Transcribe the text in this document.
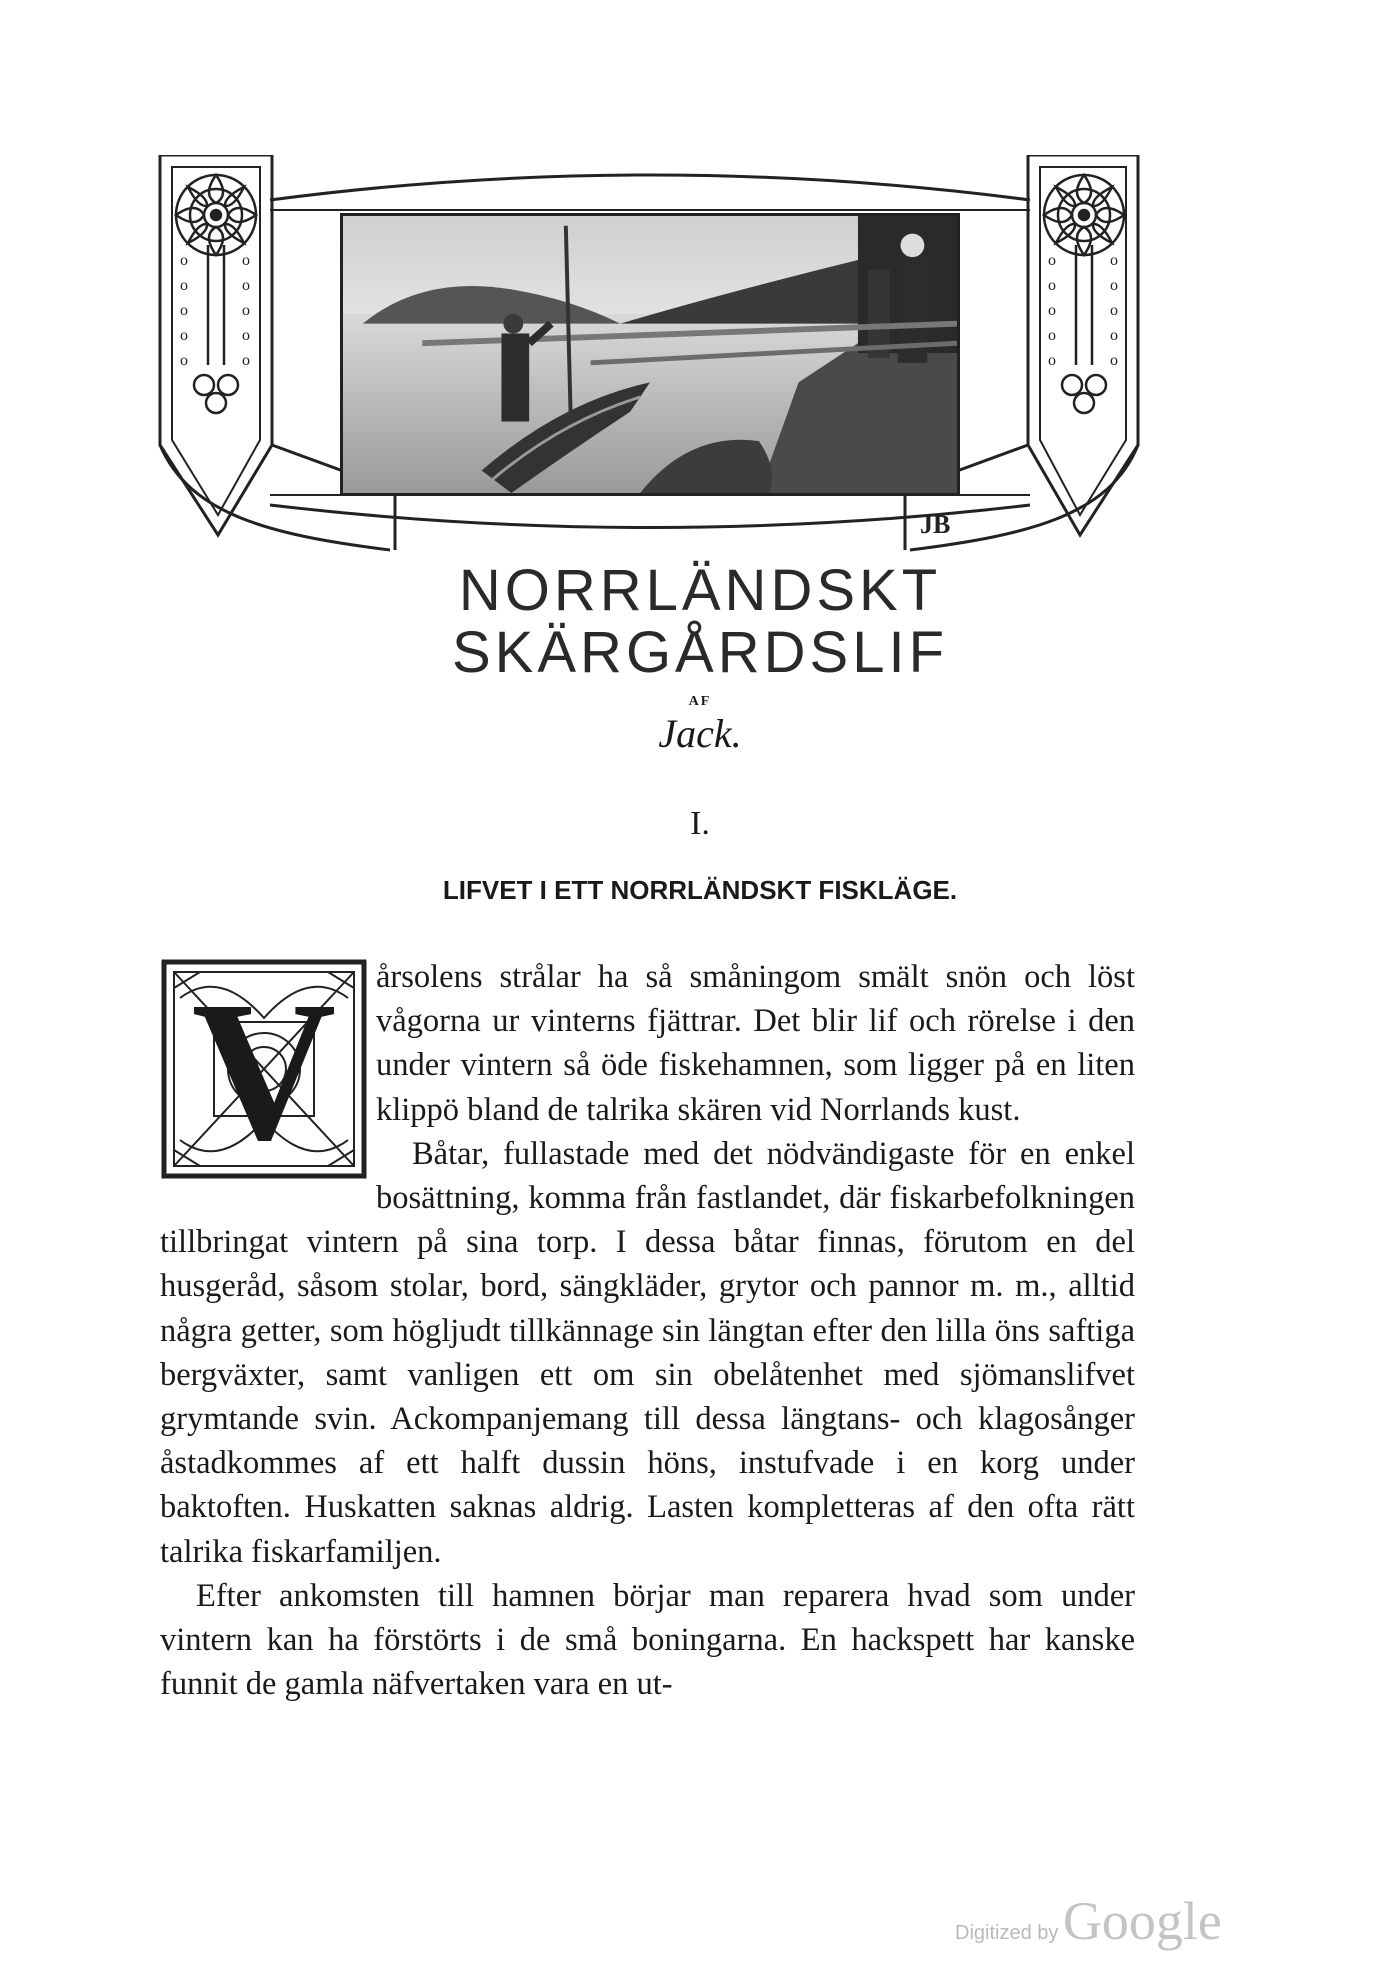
o
o
o
o
o
o
o
o
o
o
o
o
o
o
o
o
o
o
o
o
JB

NORRLÄNDSKT

SKÄRGÅRDSLIF

AF
Jack.
I.
LIFVET I ETT NORRLÄNDSKT FISKLÄGE.
V	årsolens strålar ha så småningom smält snön och löst vågorna ur vinterns fjättrar. Det blir lif och rörelse i den under vintern så öde fiskehamnen, som ligger på en liten klippö bland de talrika skären vid Norrlands kust.

Båtar, fullastade med det nödvändigaste för en enkel bosättning, komma från fastlandet, där fiskarbefolkningen tillbringat vintern på sina torp. I dessa båtar finnas, förutom en del husgeråd, såsom stolar, bord, sängkläder, grytor och pannor m. m., alltid några getter, som högljudt tillkännage sin längtan efter den lilla öns saftiga bergväxter, samt vanligen ett om sin obelåtenhet med sjömanslifvet grymtande svin. Ackompanjemang till dessa längtans- och klagosånger åstadkommes af ett halft dussin höns, instufvade i en korg under baktoften. Huskatten saknas aldrig. Lasten kompletteras af den ofta rätt talrika fiskarfamiljen.

Efter ankomsten till hamnen börjar man reparera hvad som under vintern kan ha förstörts i de små boningarna. En hackspett har kanske funnit de gamla näfvertaken vara en ut-

Digitized by Google
